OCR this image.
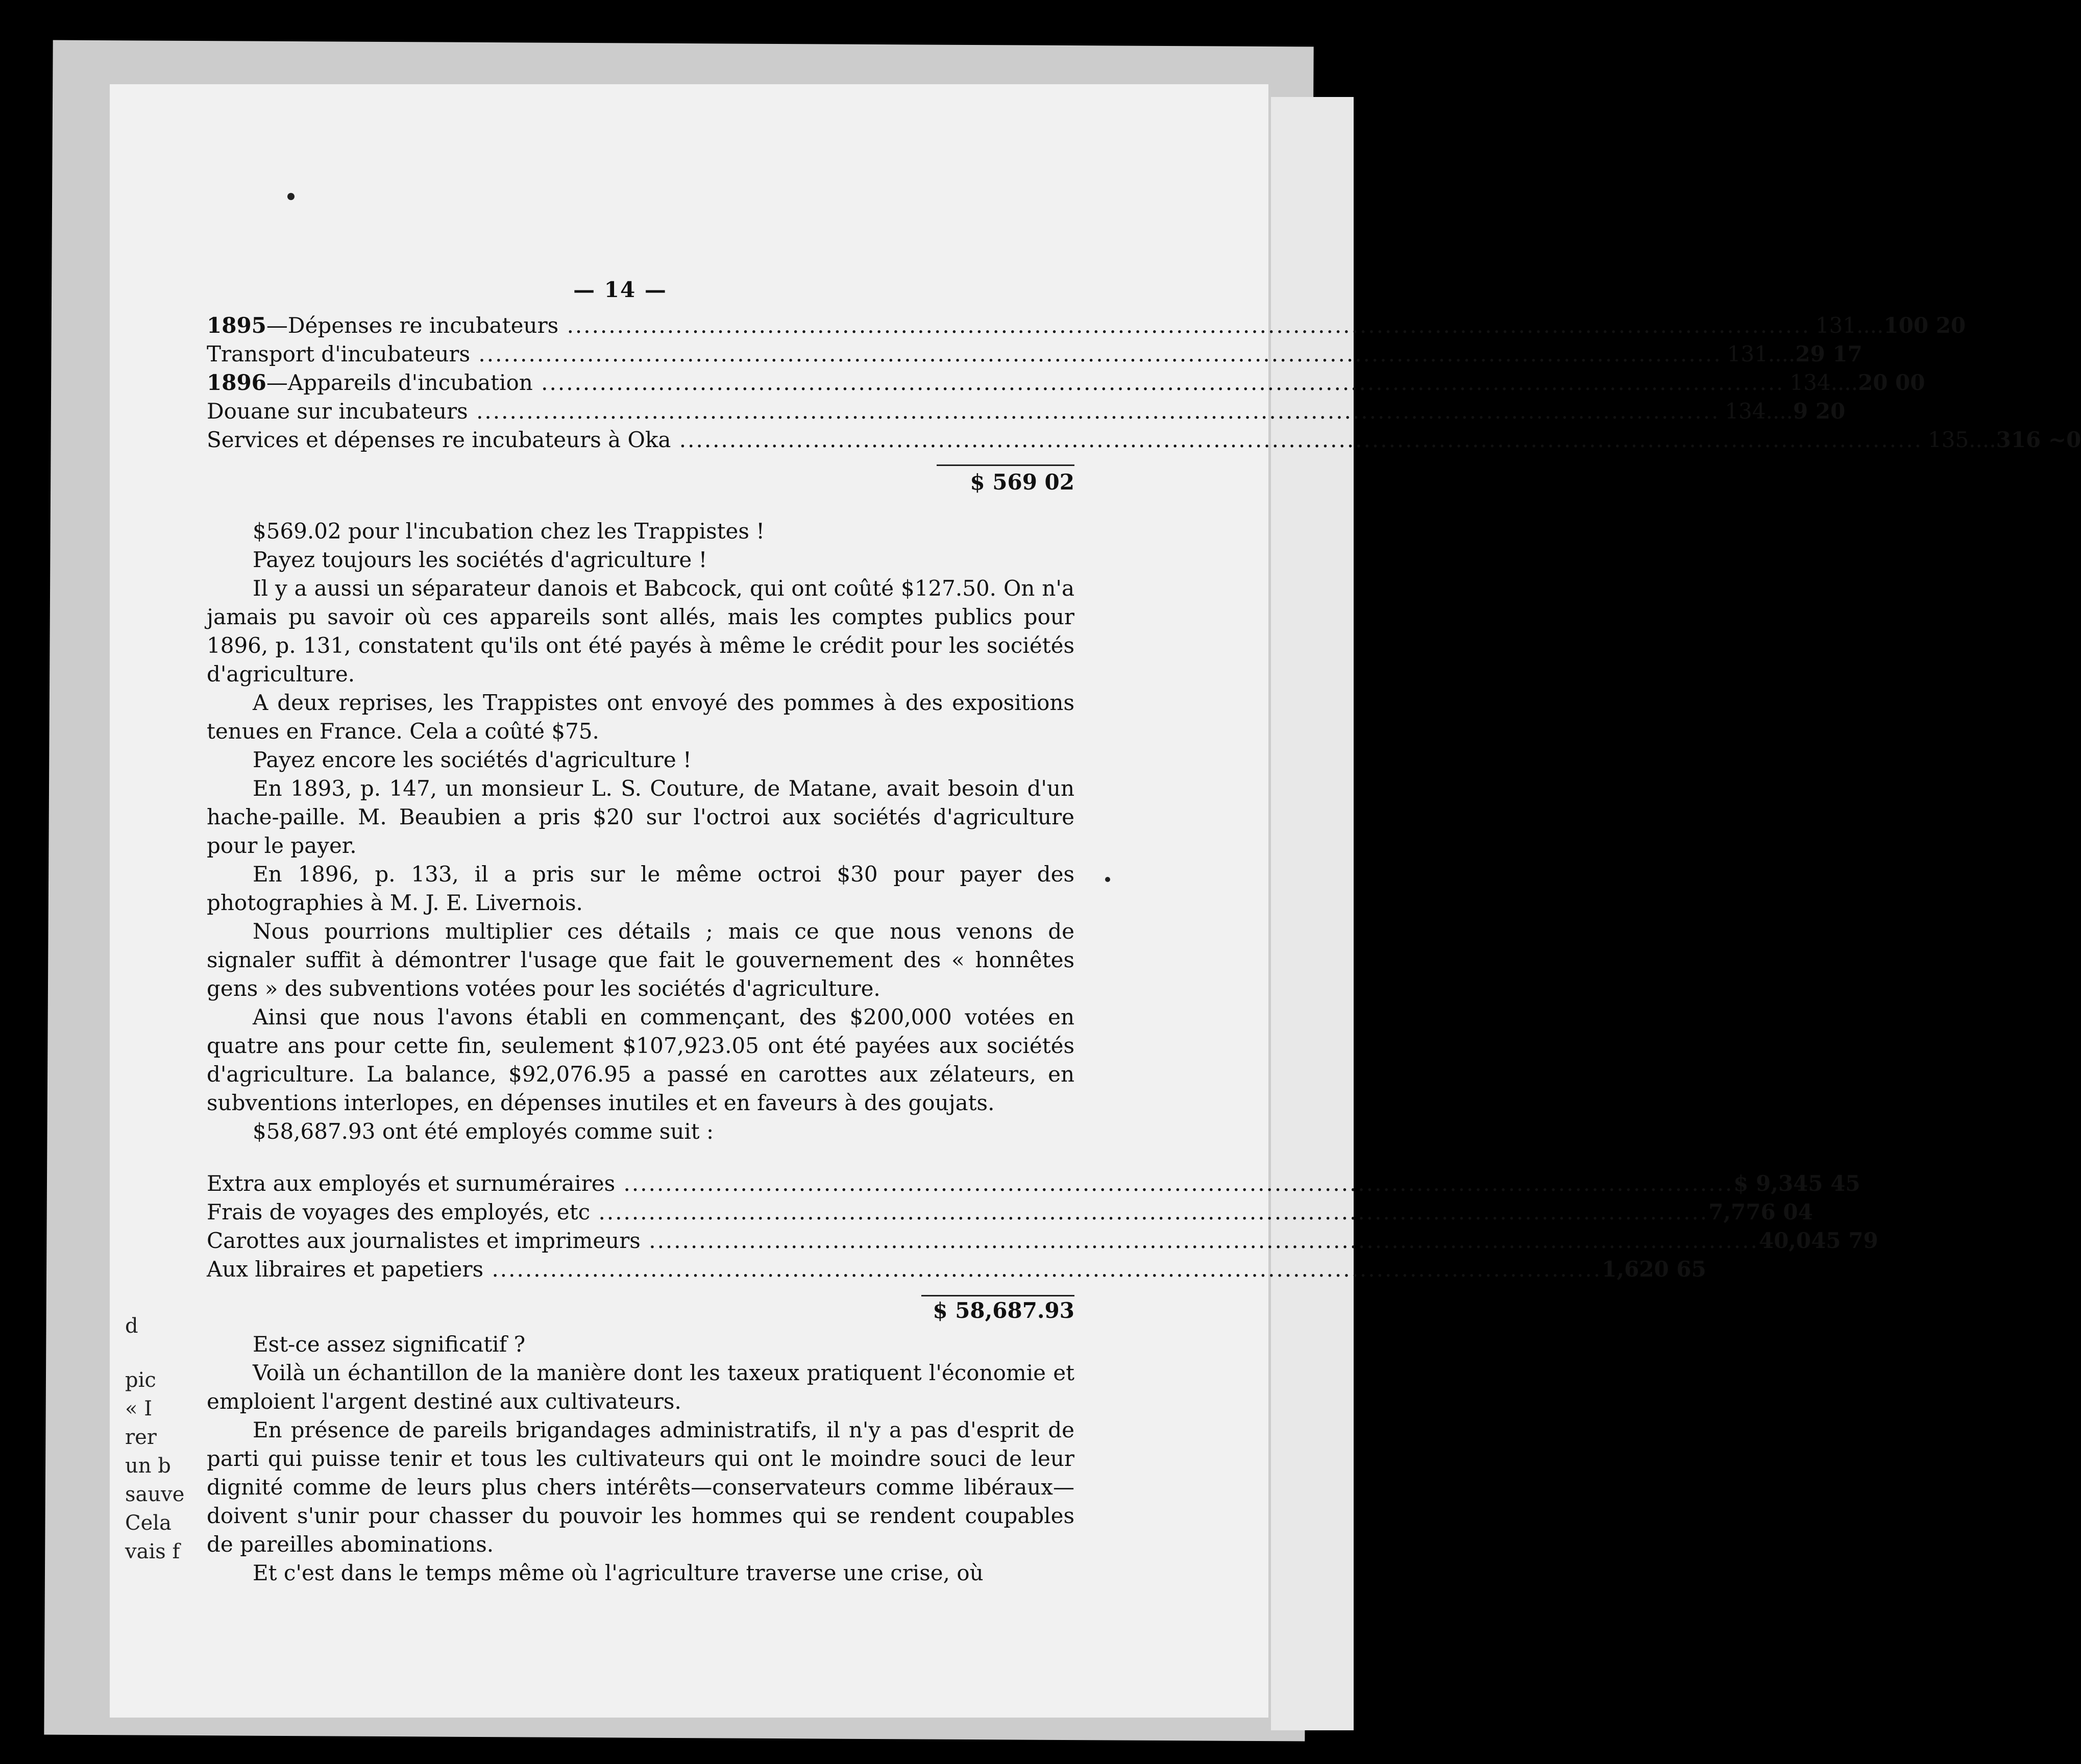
d
pic
« I
rer
un b
sauve
Cela
vais f
— 14 —
1895 —Dépenses re incubateurs .....	131.... 100 20
Transport d'incubateurs .....	131.... 29 17
1896 —Appareils d'incubation .....	134.... 20 00
Douane sur incubateurs .....	134.... 9 20
Services et dépenses re incubateurs à Oka .....	135.... 316 ~0
$ 569 02

$569.02 pour l'incubation chez les Trappistes !

Payez toujours les sociétés d'agriculture !

Il y a aussi un séparateur danois et Babcock, qui ont coûté $127.50. On n'a jamais pu savoir où ces appareils sont allés, mais les comptes publics pour 1896, p. 131, constatent qu'ils ont été payés à même le crédit pour les sociétés d'agriculture.

A deux reprises, les Trappistes ont envoyé des pommes à des expositions tenues en France. Cela a coûté $75.

Payez encore les sociétés d'agriculture !

En 1893, p. 147, un monsieur L. S. Couture, de Matane, avait besoin d'un hache-paille. M. Beaubien a pris $20 sur l'octroi aux sociétés d'agriculture pour le payer.

En 1896, p. 133, il a pris sur le même octroi $30 pour payer des photographies à M. J. E. Livernois.

Nous pourrions multiplier ces détails ; mais ce que nous venons de signaler suffit à démontrer l'usage que fait le gouvernement des « honnêtes gens » des subventions votées pour les sociétés d'agriculture.

Ainsi que nous l'avons établi en commençant, des $200,000 votées en quatre ans pour cette fin, seulement $107,923.05 ont été payées aux sociétés d'agriculture. La balance, $92,076.95 a passé en carottes aux zélateurs, en subventions interlopes, en dépenses inutiles et en faveurs à des goujats.

$58,687.93 ont été employés comme suit :

Extra aux employés et surnuméraires .....	$ 9,345 45
Frais de voyages des employés, etc .....	7,776 04
Carottes aux journalistes et imprimeurs .....	40,045 79
Aux libraires et papetiers .....	1,620 65
$ 58,687.93

Est-ce assez significatif ?

Voilà un échantillon de la manière dont les taxeux pratiquent l'économie et emploient l'argent destiné aux cultivateurs.

En présence de pareils brigandages administratifs, il n'y a pas d'esprit de parti qui puisse tenir et tous les cultivateurs qui ont le moindre souci de leur dignité comme de leurs plus chers intérêts—conservateurs comme libéraux—doivent s'unir pour chasser du pouvoir les hommes qui se rendent coupables de pareilles abominations.

Et c'est dans le temps même où l'agriculture traverse une crise, où
